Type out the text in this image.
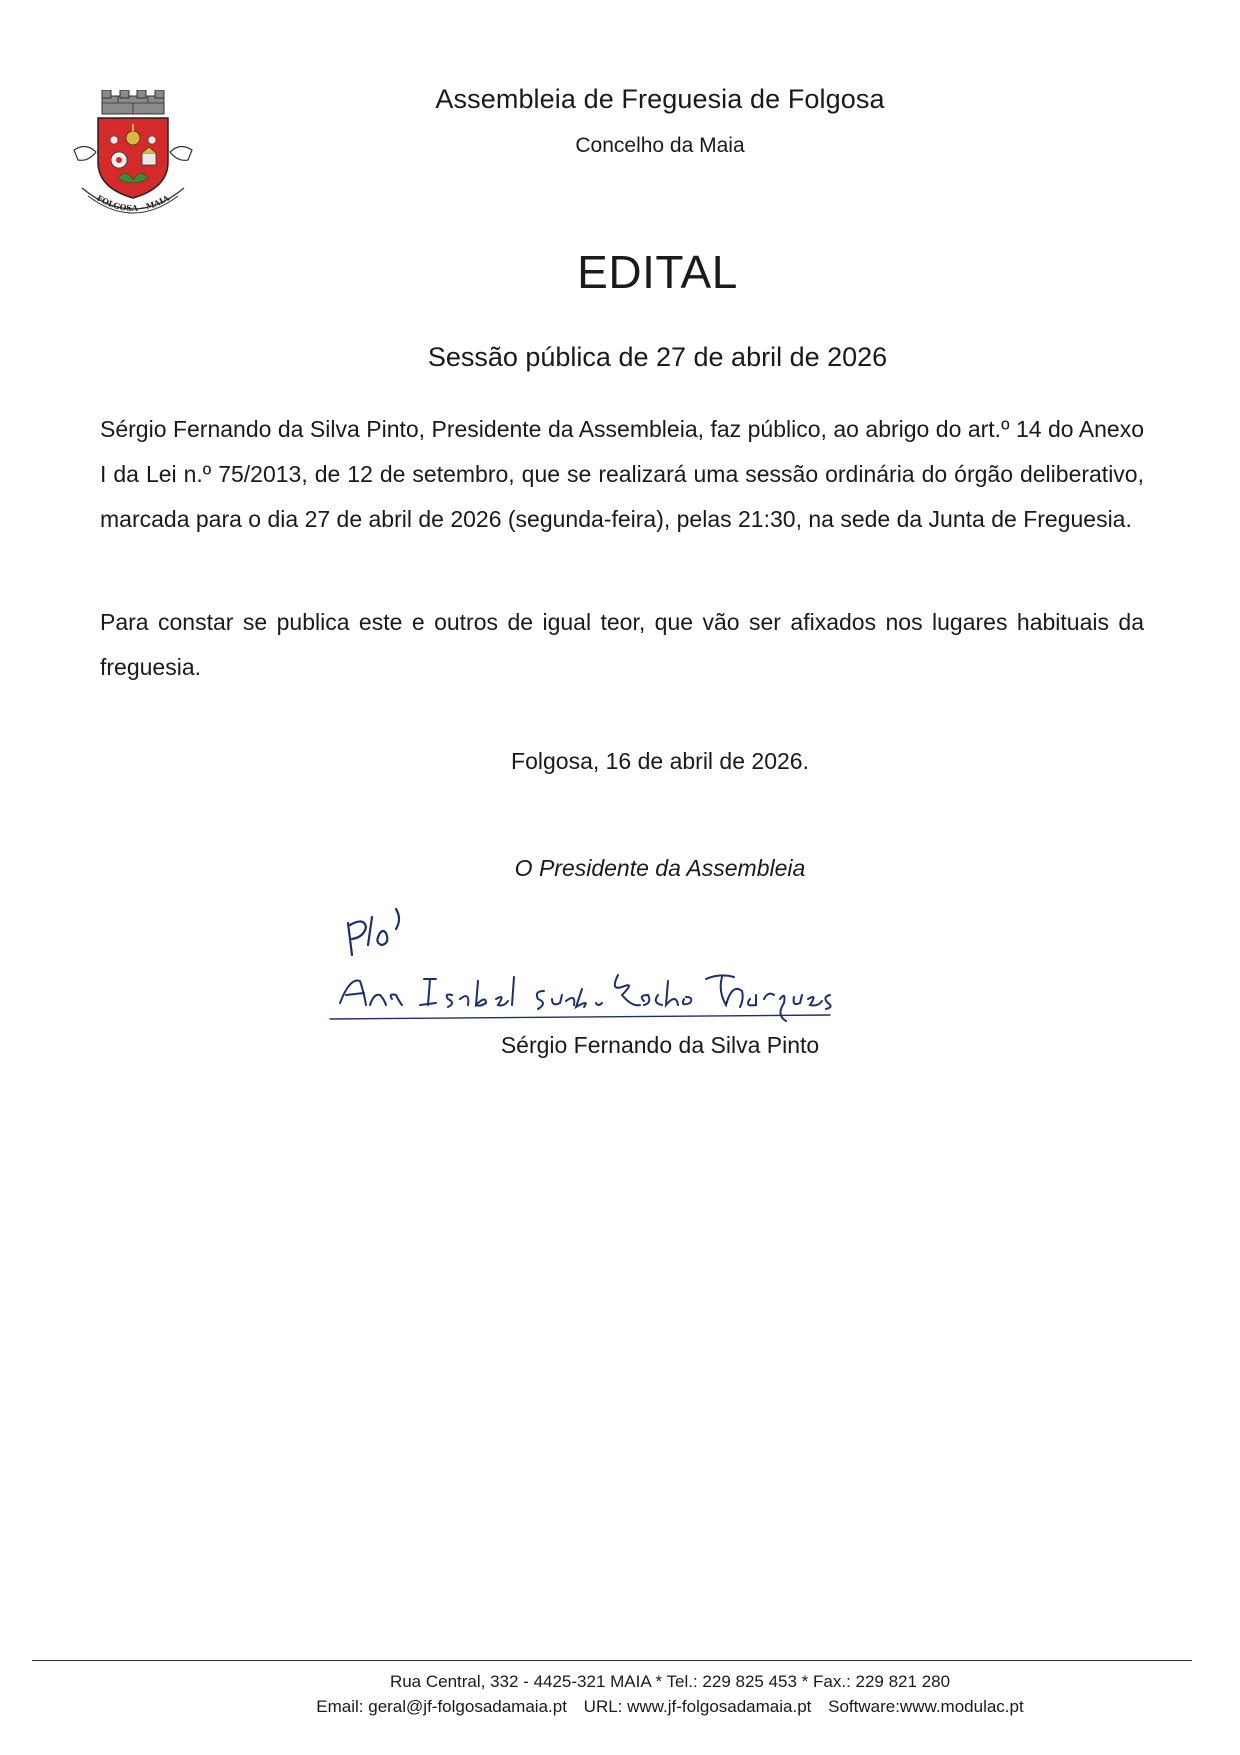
FOLGOSA - MAIA
Assembleia de Freguesia de Folgosa
Concelho da Maia
EDITAL
Sessão pública de 27 de abril de 2026

Sérgio Fernando da Silva Pinto, Presidente da Assembleia, faz público, ao abrigo do art.º 14 do Anexo I da Lei n.º 75/2013, de 12 de setembro, que se realizará uma sessão ordinária do órgão deliberativo, marcada para o dia 27 de abril de 2026 (segunda-feira), pelas 21:30, na sede da Junta de Freguesia.

Para constar se publica este e outros de igual teor, que vão ser afixados nos lugares habituais da freguesia.

Folgosa, 16 de abril de 2026.
O Presidente da Assembleia
Sérgio Fernando da Silva Pinto
Rua Central, 332 - 4425-321 MAIA * Tel.: 229 825 453 * Fax.: 229 821 280
Email: geral@jf-folgosadamaia.pt URL: www.jf-folgosadamaia.pt Software:www.modulac.pt
